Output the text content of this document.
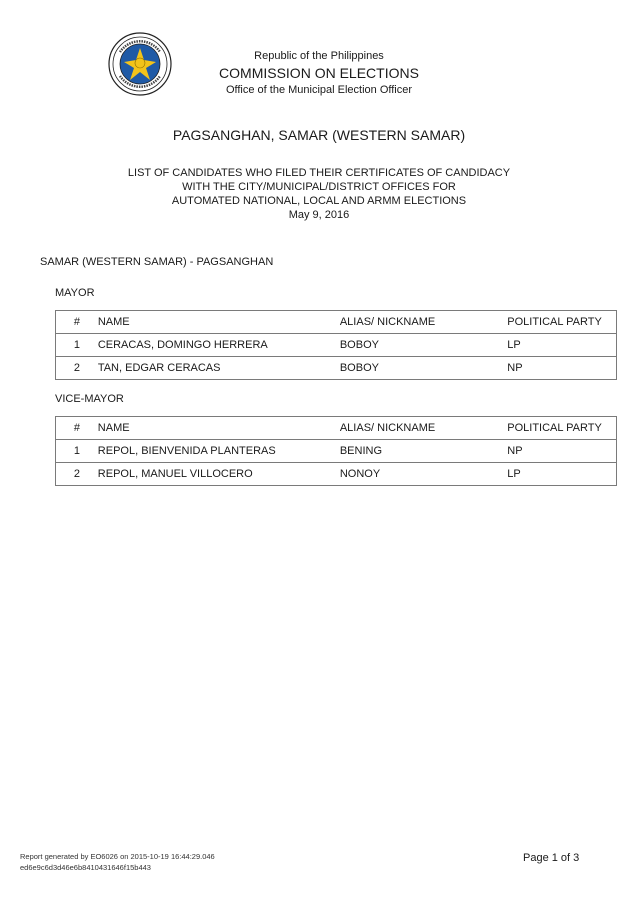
Republic of the Philippines
COMMISSION ON ELECTIONS
Office of the Municipal Election Officer
PAGSANGHAN, SAMAR (WESTERN SAMAR)
LIST OF CANDIDATES WHO FILED THEIR CERTIFICATES OF CANDIDACY
WITH THE CITY/MUNICIPAL/DISTRICT OFFICES FOR
AUTOMATED NATIONAL, LOCAL AND ARMM ELECTIONS
May 9, 2016
SAMAR (WESTERN SAMAR) - PAGSANGHAN
MAYOR
#	NAME	ALIAS/ NICKNAME	POLITICAL PARTY
1	CERACAS, DOMINGO HERRERA	BOBOY	LP
2	TAN, EDGAR CERACAS	BOBOY	NP
VICE-MAYOR
#	NAME	ALIAS/ NICKNAME	POLITICAL PARTY
1	REPOL, BIENVENIDA PLANTERAS	BENING	NP
2	REPOL, MANUEL VILLOCERO	NONOY	LP
Report generated by EO6026 on 2015-10-19 16:44:29.046
ed6e9c6d3d46e6b8410431646f15b443
Page 1 of 3
